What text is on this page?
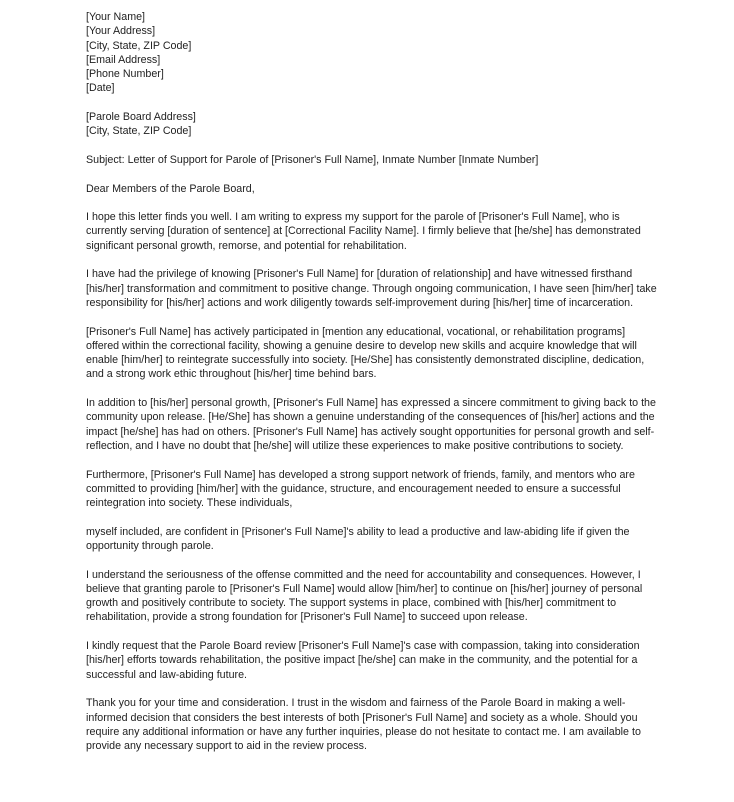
[Your Name]
[Your Address]
[City, State, ZIP Code]
[Email Address]
[Phone Number]
[Date]
[Parole Board Address]
[City, State, ZIP Code]

Subject: Letter of Support for Parole of [Prisoner's Full Name], Inmate Number [Inmate Number]

Dear Members of the Parole Board,

I hope this letter finds you well. I am writing to express my support for the parole of [Prisoner's Full Name], who is currently serving [duration of sentence] at [Correctional Facility Name]. I firmly believe that [he/she] has demonstrated significant personal growth, remorse, and potential for rehabilitation.

I have had the privilege of knowing [Prisoner's Full Name] for [duration of relationship] and have witnessed firsthand [his/her] transformation and commitment to positive change. Through ongoing communication, I have seen [him/her] take responsibility for [his/her] actions and work diligently towards self-improvement during [his/her] time of incarceration.

[Prisoner's Full Name] has actively participated in [mention any educational, vocational, or rehabilitation programs] offered within the correctional facility, showing a genuine desire to develop new skills and acquire knowledge that will enable [him/her] to reintegrate successfully into society. [He/She] has consistently demonstrated discipline, dedication, and a strong work ethic throughout [his/her] time behind bars.

In addition to [his/her] personal growth, [Prisoner's Full Name] has expressed a sincere commitment to giving back to the community upon release. [He/She] has shown a genuine understanding of the consequences of [his/her] actions and the impact [he/she] has had on others. [Prisoner's Full Name] has actively sought opportunities for personal growth and self-reflection, and I have no doubt that [he/she] will utilize these experiences to make positive contributions to society.

Furthermore, [Prisoner's Full Name] has developed a strong support network of friends, family, and mentors who are committed to providing [him/her] with the guidance, structure, and encouragement needed to ensure a successful reintegration into society. These individuals,

myself included, are confident in [Prisoner's Full Name]'s ability to lead a productive and law-abiding life if given the opportunity through parole.

I understand the seriousness of the offense committed and the need for accountability and consequences. However, I believe that granting parole to [Prisoner's Full Name] would allow [him/her] to continue on [his/her] journey of personal growth and positively contribute to society. The support systems in place, combined with [his/her] commitment to rehabilitation, provide a strong foundation for [Prisoner's Full Name] to succeed upon release.

I kindly request that the Parole Board review [Prisoner's Full Name]'s case with compassion, taking into consideration [his/her] efforts towards rehabilitation, the positive impact [he/she] can make in the community, and the potential for a successful and law-abiding future.

Thank you for your time and consideration. I trust in the wisdom and fairness of the Parole Board in making a well-informed decision that considers the best interests of both [Prisoner's Full Name] and society as a whole. Should you require any additional information or have any further inquiries, please do not hesitate to contact me. I am available to provide any necessary support to aid in the review process.
